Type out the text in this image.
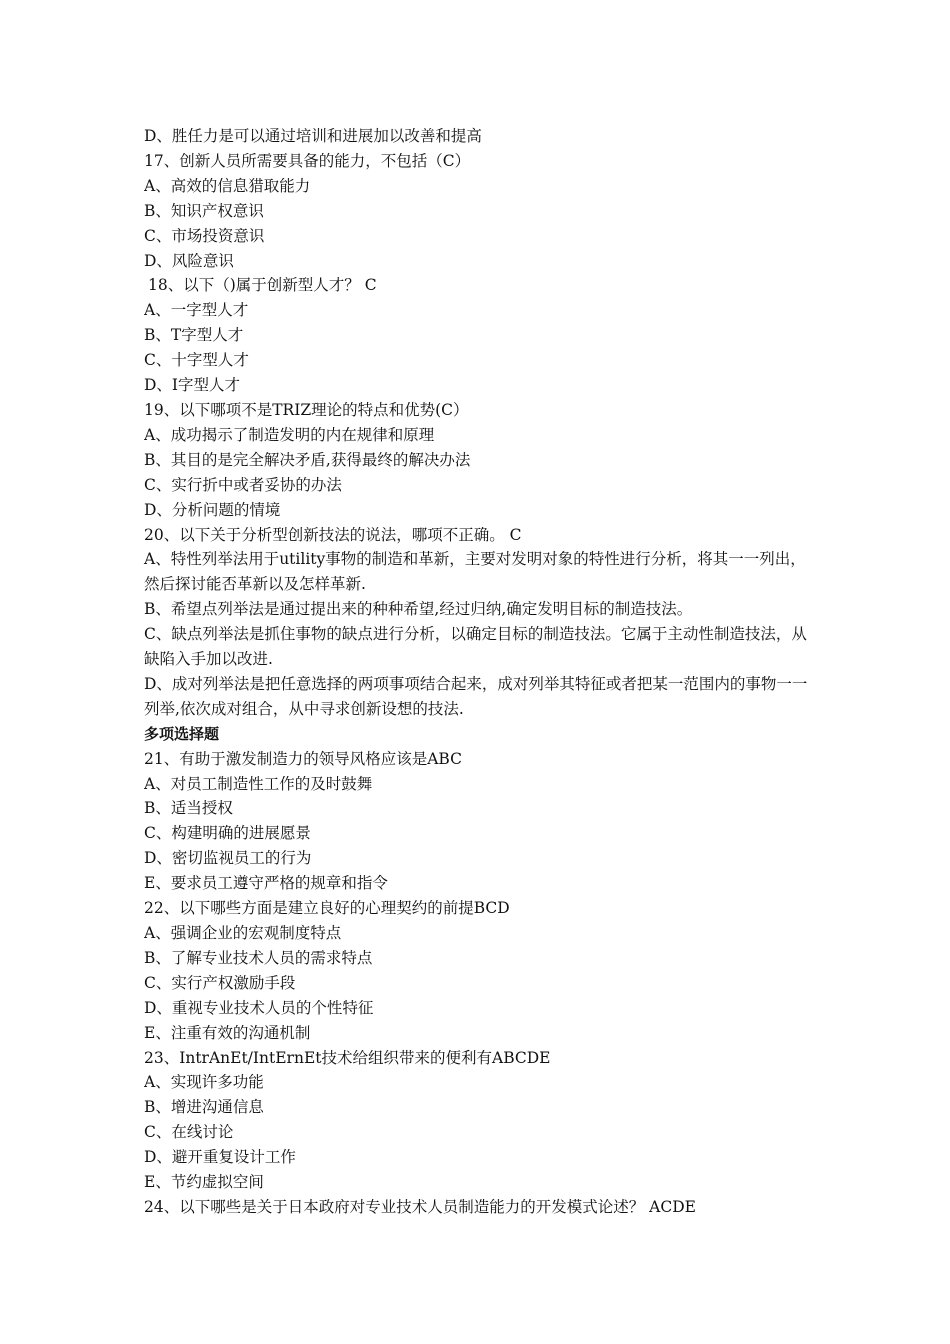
D、胜任力是可以通过培训和进展加以改善和提高
17、创新人员所需要具备的能力，不包括（C）
A、高效的信息猎取能力
B、知识产权意识
C、市场投资意识
D、风险意识
18、以下（)属于创新型人才？ C
A、一字型人才
B、T字型人才
C、十字型人才
D、I字型人才
19、以下哪项不是TRIZ理论的特点和优势(C）
A、成功揭示了制造发明的内在规律和原理
B、其目的是完全解决矛盾,获得最终的解决办法
C、实行折中或者妥协的办法
D、分析问题的情境
20、以下关于分析型创新技法的说法，哪项不正确。 C
A、特性列举法用于utility事物的制造和革新，主要对发明对象的特性进行分析，将其一一列出，然后探讨能否革新以及怎样革新.
B、希望点列举法是通过提出来的种种希望,经过归纳,确定发明目标的制造技法。
C、缺点列举法是抓住事物的缺点进行分析，以确定目标的制造技法。它属于主动性制造技法，从缺陷入手加以改进.
D、成对列举法是把任意选择的两项事项结合起来，成对列举其特征或者把某一范围内的事物一一列举,依次成对组合，从中寻求创新设想的技法.
多项选择题
21、有助于激发制造力的领导风格应该是ABC
A、对员工制造性工作的及时鼓舞
B、适当授权
C、构建明确的进展愿景
D、密切监视员工的行为
E、要求员工遵守严格的规章和指令
22、以下哪些方面是建立良好的心理契约的前提BCD
A、强调企业的宏观制度特点
B、了解专业技术人员的需求特点
C、实行产权激励手段
D、重视专业技术人员的个性特征
E、注重有效的沟通机制
23、IntrAnEt/IntErnEt技术给组织带来的便利有ABCDE
A、实现许多功能
B、增进沟通信息
C、在线讨论
D、避开重复设计工作
E、节约虚拟空间
24、以下哪些是关于日本政府对专业技术人员制造能力的开发模式论述？ ACDE
